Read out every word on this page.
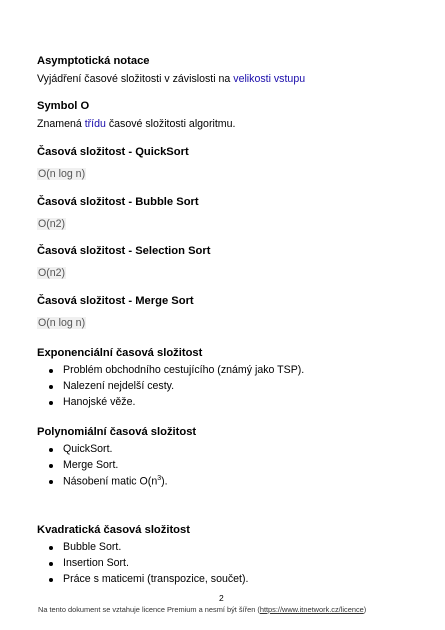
Asymptotická notace
Vyjádření časové složitosti v závislosti na velikosti vstupu
Symbol O
Znamená třídu časové složitosti algoritmu.
Časová složitost - QuickSort
O(n log n)
Časová složitost - Bubble Sort
O(n2)
Časová složitost - Selection Sort
O(n2)
Časová složitost - Merge Sort
O(n log n)
Exponenciální časová složitost
Problém obchodního cestujícího (známý jako TSP).
Nalezení nejdelší cesty.
Hanojské věže.
Polynomiální časová složitost
QuickSort.
Merge Sort.
Násobení matic $O(n^3)$.
Kvadratická časová složitost
Bubble Sort.
Insertion Sort.
Práce s maticemi (transpozice, součet).
2
Na tento dokument se vztahuje licence Premium a nesmí být šířen (https://www.itnetwork.cz/licence)
